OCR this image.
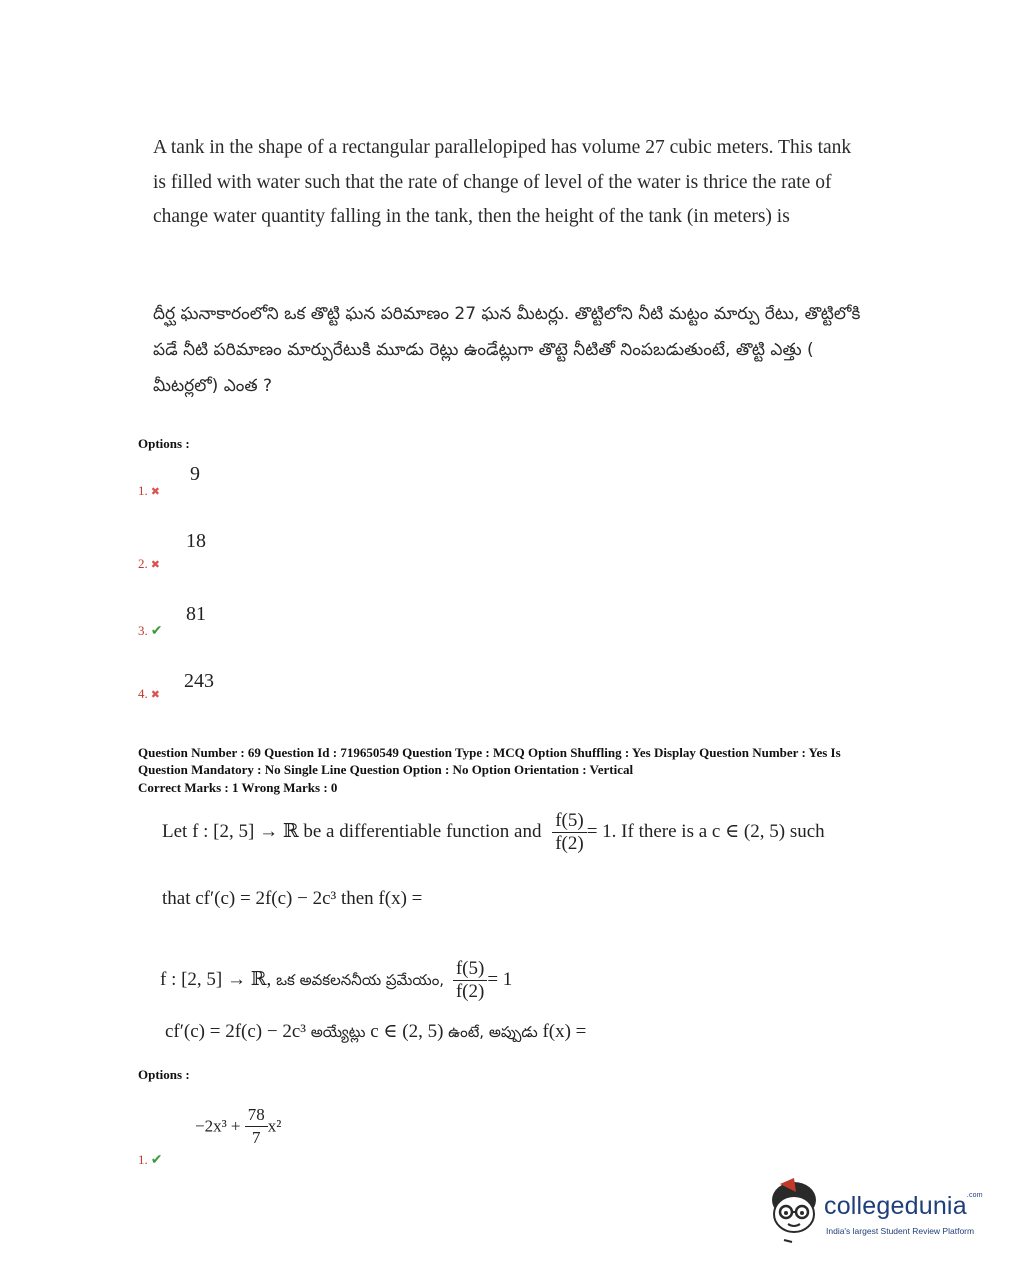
A tank in the shape of a rectangular parallelopiped has volume 27 cubic meters. This tank is filled with water such that the rate of change of level of the water is thrice the rate of change water quantity falling in the tank, then the height of the tank (in meters) is
దీర్ఘ ఘనాకారంలోని ఒక తొట్టి ఘన పరిమాణం 27 ఘన మీటర్లు. తొట్టిలోని నీటి మట్టం మార్పు రేటు, తొట్టిలోకి పడే నీటి పరిమాణం మార్పురేటుకి మూడు రెట్లు ఉండేట్లుగా తొట్టె నీటితో నింపబడుతుంటే, తొట్టి ఎత్తు ( మీటర్లలో) ఎంత ?
Options :
9
1. ✖
18
2. ✖
81
3. ✔
243
4. ✖
Question Number : 69 Question Id : 719650549 Question Type : MCQ Option Shuffling : Yes Display Question Number : Yes Is
Question Mandatory : No Single Line Question Option : No Option Orientation : Vertical
Correct Marks : 1 Wrong Marks : 0
Let f : [2, 5] → ℝ be a differentiable function and $\frac{f(5)}{f(2)} = 1$. If there is a c ∈ (2, 5) such
that cf′(c) = 2f(c) − 2c³ then f(x) =
f : [2, 5] → ℝ, ఒక అవకలననీయ ప్రమేయం, $\frac{f(5)}{f(2)} = 1$
cf′(c) = 2f(c) − 2c³ అయ్యేట్లు c ∈ (2, 5) ఉంటే, అప్పుడు f(x) =
Options :
$-2x^3 + \frac{78}{7} x^2$
1. ✔
collegedunia$^{.com}$
India's largest Student Review Platform
